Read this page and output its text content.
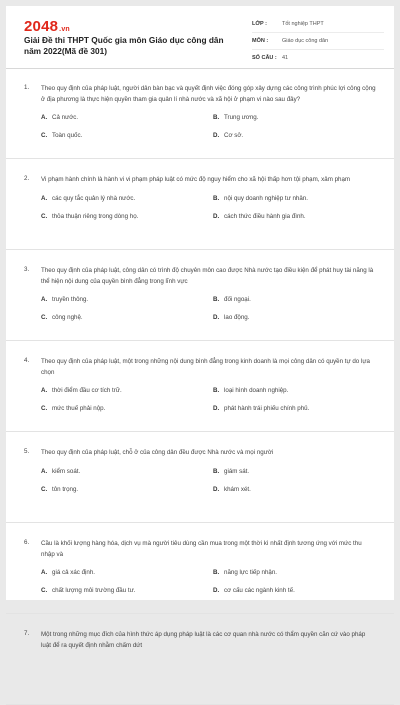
2048.vn
Giải Đề thi THPT Quốc gia môn Giáo dục công dân năm 2022(Mã đề 301)
LỚP :	Tốt nghiệp THPT
MÔN :	Giáo dục công dân
SỐ CÂU : 41
1.	Theo quy định của pháp luật, người dân bàn bạc và quyết định việc đóng góp xây dựng các công trình phúc lợi công cộng ở địa phương là thực hiện quyền tham gia quản lí nhà nước và xã hội ở phạm vi nào sau đây?
A. Cả nước.	B. Trung ương.
C. Toàn quốc.	D. Cơ sở.
2.	Vi phạm hành chính là hành vi vi phạm pháp luật có mức độ nguy hiểm cho xã hội thấp hơn tội phạm, xâm phạm
A. các quy tắc quản lý nhà nước.	B. nội quy doanh nghiệp tư nhân.
C. thỏa thuận riêng trong dòng họ.	D. cách thức điều hành gia đình.
3.	Theo quy định của pháp luật, công dân có trình độ chuyên môn cao được Nhà nước tạo điều kiện để phát huy tài năng là thể hiện nội dung của quyền bình đẳng trong lĩnh vực
A. truyền thông.	B. đối ngoại.
C. công nghệ.	D. lao động.
4.	Theo quy định của pháp luật, một trong những nội dung bình đẳng trong kinh doanh là mọi công dân có quyền tự do lựa chọn
A. thời điểm đầu cơ tích trữ.	B. loại hình doanh nghiệp.
C. mức thuế phải nộp.	D. phát hành trái phiếu chính phủ.
5.	Theo quy định của pháp luật, chỗ ở của công dân đều được Nhà nước và mọi người
A. kiểm soát.	B. giám sát.
C. tôn trọng.	D. khám xét.
6.	Cầu là khối lượng hàng hóa, dịch vụ mà người tiêu dùng cần mua trong một thời kì nhất định tương ứng với mức thu nhập và
A. giá cả xác định.	B. năng lực tiếp nhận.
C. chất lượng môi trường đầu tư.	D. cơ cấu các ngành kinh tế.
7.	Một trong những mục đích của hình thức áp dụng pháp luật là các cơ quan nhà nước có thẩm quyền căn cứ vào pháp luật để ra quyết định nhằm chấm dứt
